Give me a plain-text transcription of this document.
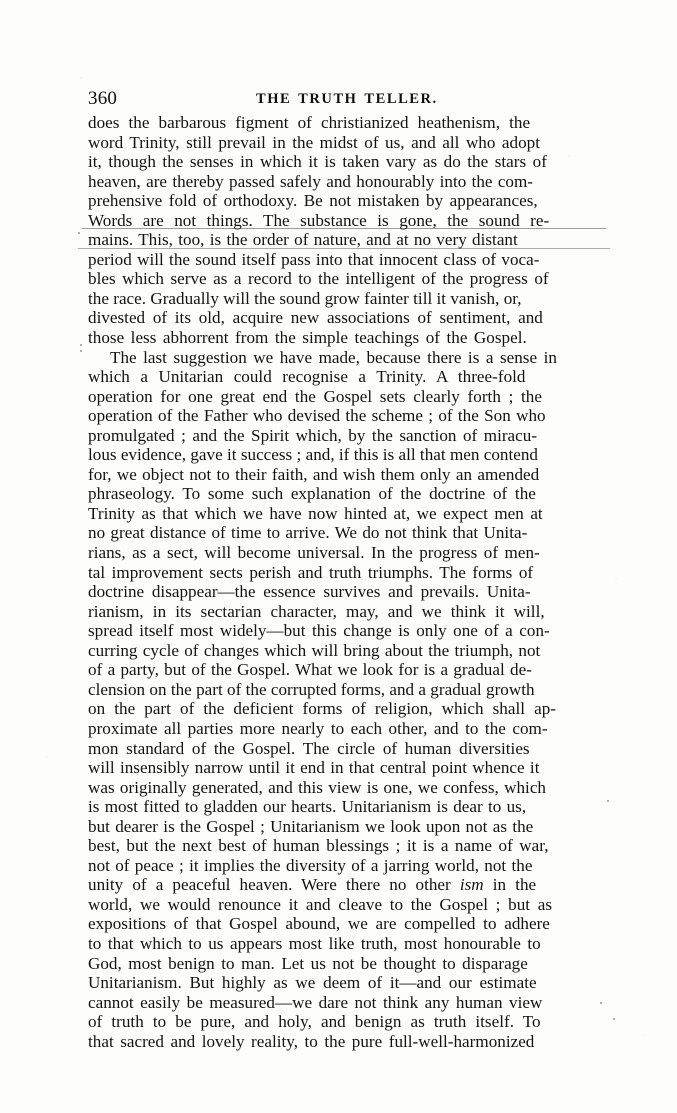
360	THE TRUTH TELLER.
does the barbarous figment of christianized heathenism, the
word Trinity, still prevail in the midst of us, and all who adopt
it, though the senses in which it is taken vary as do the stars of
heaven, are thereby passed safely and honourably into the com-
prehensive fold of orthodoxy. Be not mistaken by appearances,
Words are not things. The substance is gone, the sound re-
mains. This, too, is the order of nature, and at no very distant
period will the sound itself pass into that innocent class of voca-
bles which serve as a record to the intelligent of the progress of
the race. Gradually will the sound grow fainter till it vanish, or,
divested of its old, acquire new associations of sentiment, and
those less abhorrent from the simple teachings of the Gospel.
The last suggestion we have made, because there is a sense in
which a Unitarian could recognise a Trinity. A three-fold
operation for one great end the Gospel sets clearly forth ; the
operation of the Father who devised the scheme ; of the Son who
promulgated ; and the Spirit which, by the sanction of miracu-
lous evidence, gave it success ; and, if this is all that men contend
for, we object not to their faith, and wish them only an amended
phraseology. To some such explanation of the doctrine of the
Trinity as that which we have now hinted at, we expect men at
no great distance of time to arrive. We do not think that Unita-
rians, as a sect, will become universal. In the progress of men-
tal improvement sects perish and truth triumphs. The forms of
doctrine disappear—the essence survives and prevails. Unita-
rianism, in its sectarian character, may, and we think it will,
spread itself most widely—but this change is only one of a con-
curring cycle of changes which will bring about the triumph, not
of a party, but of the Gospel. What we look for is a gradual de-
clension on the part of the corrupted forms, and a gradual growth
on the part of the deficient forms of religion, which shall ap-
proximate all parties more nearly to each other, and to the com-
mon standard of the Gospel. The circle of human diversities
will insensibly narrow until it end in that central point whence it
was originally generated, and this view is one, we confess, which
is most fitted to gladden our hearts. Unitarianism is dear to us,
but dearer is the Gospel ; Unitarianism we look upon not as the
best, but the next best of human blessings ; it is a name of war,
not of peace ; it implies the diversity of a jarring world, not the
unity of a peaceful heaven. Were there no other ism in the
world, we would renounce it and cleave to the Gospel ; but as
expositions of that Gospel abound, we are compelled to adhere
to that which to us appears most like truth, most honourable to
God, most benign to man. Let us not be thought to disparage
Unitarianism. But highly as we deem of it—and our estimate
cannot easily be measured—we dare not think any human view
of truth to be pure, and holy, and benign as truth itself. To
that sacred and lovely reality, to the pure full-well-harmonized
